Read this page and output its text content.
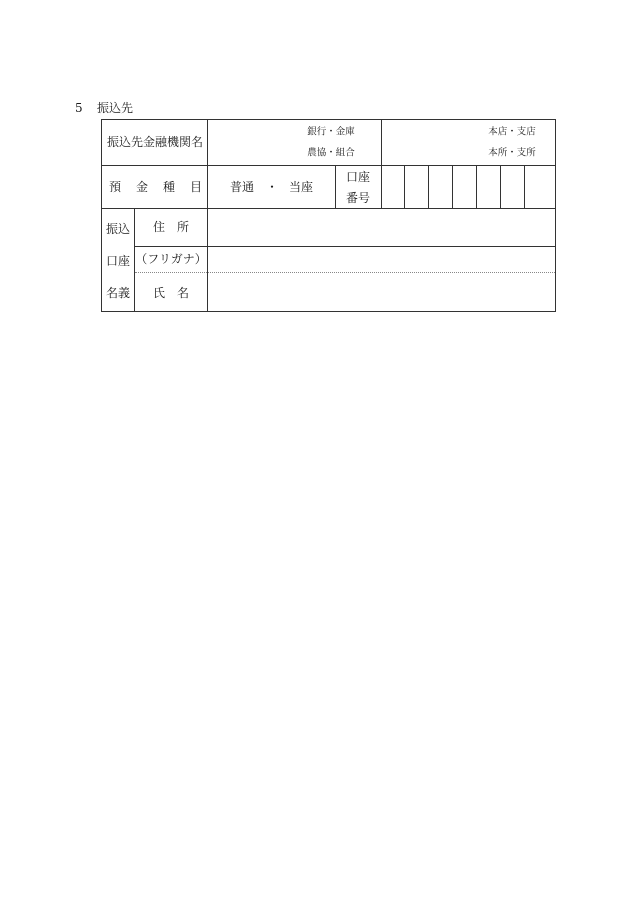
5 振込先
振込先金融機関名
銀行・金庫
農協・組合
本店・支店
本所・支所
預 金 種 目 普通 ・ 当座
口座
番号
振込
口座
名義
住　所
（フリガナ）
氏　名
